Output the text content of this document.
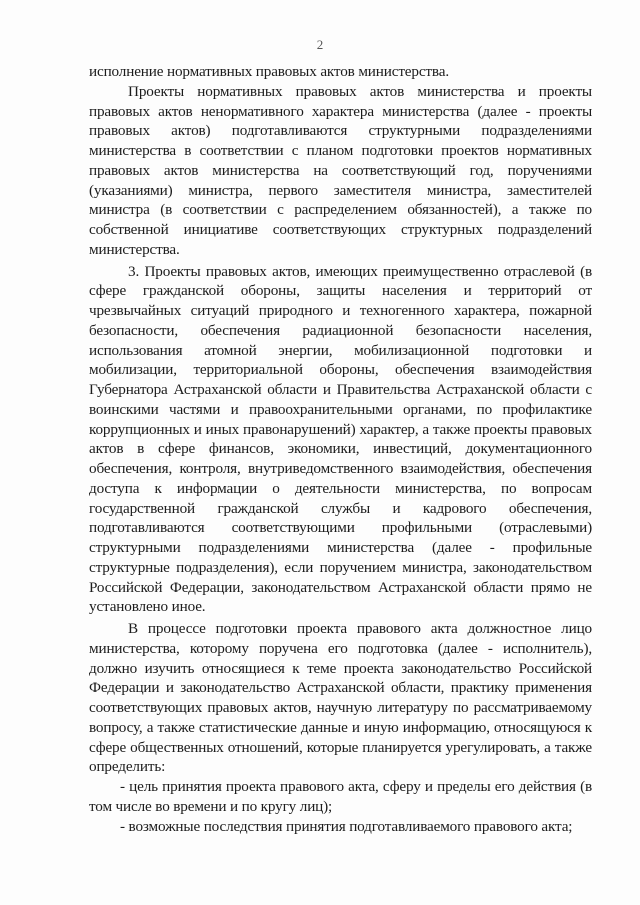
2

исполнение нормативных правовых актов министерства.

Проекты нормативных правовых актов министерства и проекты правовых актов ненормативного характера министерства (далее - проекты правовых актов) подготавливаются структурными подразделениями министерства в соответствии с планом подготовки проектов нормативных правовых актов министерства на соответствующий год, поручениями (указаниями) министра, первого заместителя министра, заместителей министра (в соответствии с распределением обязанностей), а также по собственной инициативе соответствующих структурных подразделений министерства.

3. Проекты правовых актов, имеющих преимущественно отраслевой (в сфере гражданской обороны, защиты населения и территорий от чрезвычайных ситуаций природного и техногенного характера, пожарной безопасности, обеспечения радиационной безопасности населения, использования атомной энергии, мобилизационной подготовки и мобилизации, территориальной обороны, обеспечения взаимодействия Губернатора Астраханской области и Правительства Астраханской области с воинскими частями и правоохранительными органами, по профилактике коррупционных и иных правонарушений) характер, а также проекты правовых актов в сфере финансов, экономики, инвестиций, документационного обеспечения, контроля, внутриведомственного взаимодействия, обеспечения доступа к информации о деятельности министерства, по вопросам государственной гражданской службы и кадрового обеспечения, подготавливаются соответствующими профильными (отраслевыми) структурными подразделениями министерства (далее - профильные структурные подразделения), если поручением министра, законодательством Российской Федерации, законодательством Астраханской области прямо не установлено иное.

В процессе подготовки проекта правового акта должностное лицо министерства, которому поручена его подготовка (далее - исполнитель), должно изучить относящиеся к теме проекта законодательство Российской Федерации и законодательство Астраханской области, практику применения соответствующих правовых актов, научную литературу по рассматриваемому вопросу, а также статистические данные и иную информацию, относящуюся к сфере общественных отношений, которые планируется урегулировать, а также определить:

- цель принятия проекта правового акта, сферу и пределы его действия (в том числе во времени и по кругу лиц);

- возможные последствия принятия подготавливаемого правового акта;
